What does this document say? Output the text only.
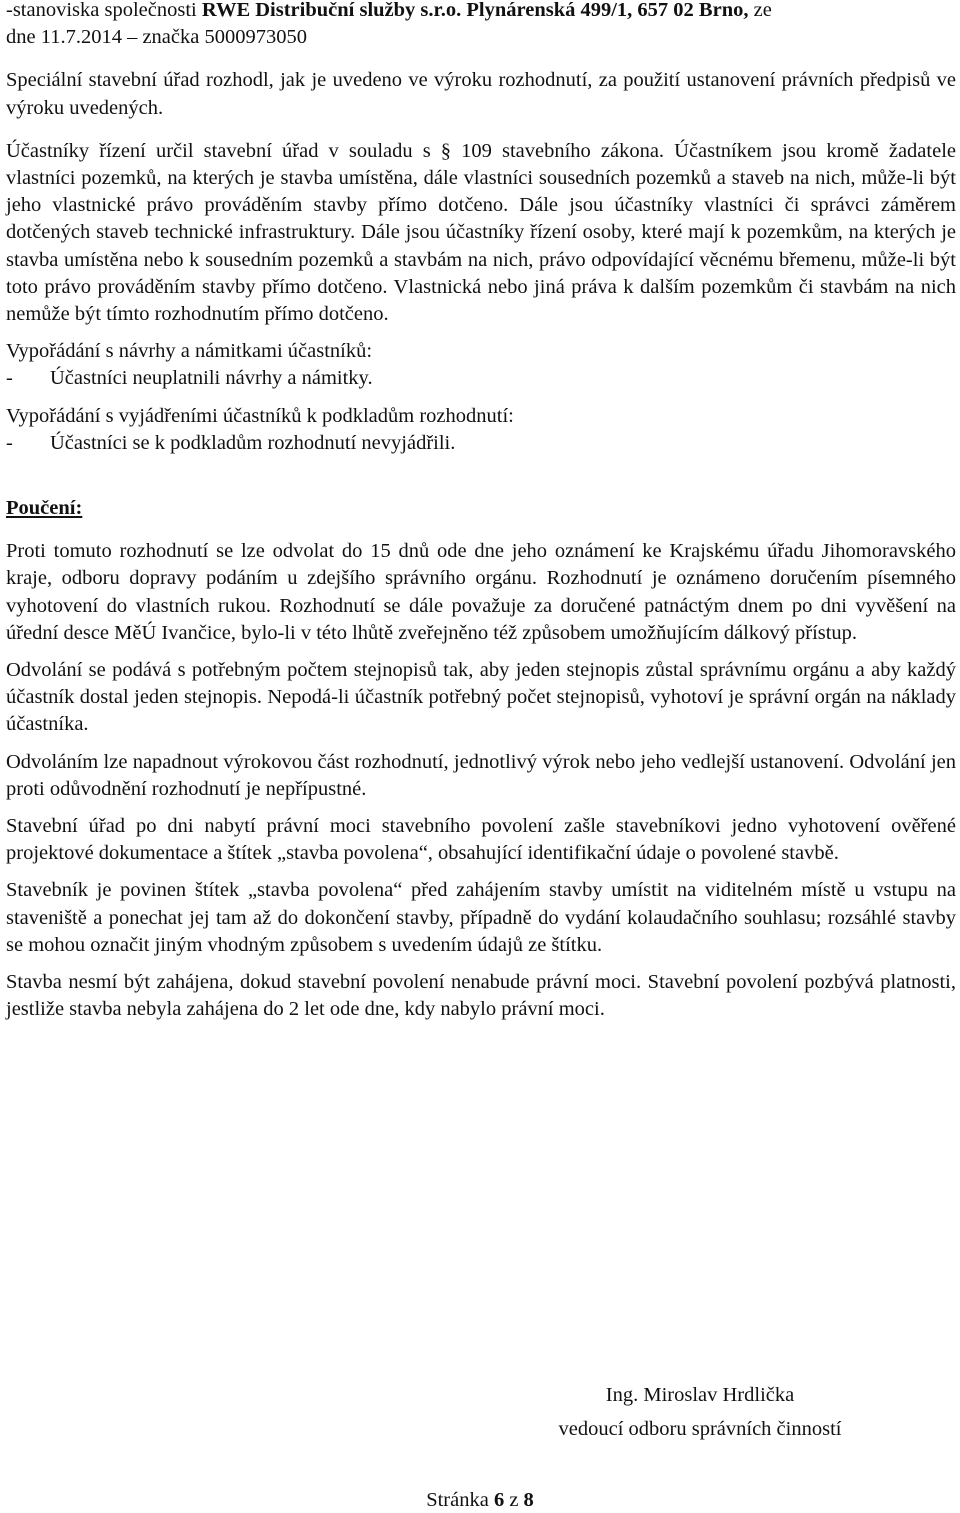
-stanoviska společnosti RWE Distribuční služby s.r.o. Plynárenská 499/1, 657 02 Brno, ze
dne 11.7.2014 – značka 5000973050

Speciální stavební úřad rozhodl, jak je uvedeno ve výroku rozhodnutí, za použití ustanovení právních předpisů ve výroku uvedených.

Účastníky řízení určil stavební úřad v souladu s § 109 stavebního zákona. Účastníkem jsou kromě žadatele vlastníci pozemků, na kterých je stavba umístěna, dále vlastníci sousedních pozemků a staveb na nich, může-li být jeho vlastnické právo prováděním stavby přímo dotčeno. Dále jsou účastníky vlastníci či správci záměrem dotčených staveb technické infrastruktury. Dále jsou účastníky řízení osoby, které mají k pozemkům, na kterých je stavba umístěna nebo k sousedním pozemků a stavbám na nich, právo odpovídající věcnému břemenu, může-li být toto právo prováděním stavby přímo dotčeno. Vlastnická nebo jiná práva k dalším pozemkům či stavbám na nich nemůže být tímto rozhodnutím přímo dotčeno.

Vypořádání s návrhy a námitkami účastníků:

-	Účastníci neuplatnili návrhy a námitky.

Vypořádání s vyjádřeními účastníků k podkladům rozhodnutí:

-	Účastníci se k podkladům rozhodnutí nevyjádřili.

Poučení:

Proti tomuto rozhodnutí se lze odvolat do 15 dnů ode dne jeho oznámení ke Krajskému úřadu Jihomoravského kraje, odboru dopravy podáním u zdejšího správního orgánu. Rozhodnutí je oznámeno doručením písemného vyhotovení do vlastních rukou. Rozhodnutí se dále považuje za doručené patnáctým dnem po dni vyvěšení na úřední desce MěÚ Ivančice, bylo-li v této lhůtě zveřejněno též způsobem umožňujícím dálkový přístup.

Odvolání se podává s potřebným počtem stejnopisů tak, aby jeden stejnopis zůstal správnímu orgánu a aby každý účastník dostal jeden stejnopis. Nepodá-li účastník potřebný počet stejnopisů, vyhotoví je správní orgán na náklady účastníka.

Odvoláním lze napadnout výrokovou část rozhodnutí, jednotlivý výrok nebo jeho vedlejší ustanovení. Odvolání jen proti odůvodnění rozhodnutí je nepřípustné.

Stavební úřad po dni nabytí právní moci stavebního povolení zašle stavebníkovi jedno vyhotovení ověřené projektové dokumentace a štítek „stavba povolena“, obsahující identifikační údaje o povolené stavbě.

Stavebník je povinen štítek „stavba povolena“ před zahájením stavby umístit na viditelném místě u vstupu na staveniště a ponechat jej tam až do dokončení stavby, případně do vydání kolaudačního souhlasu; rozsáhlé stavby se mohou označit jiným vhodným způsobem s uvedením údajů ze štítku.

Stavba nesmí být zahájena, dokud stavební povolení nenabude právní moci. Stavební povolení pozbývá platnosti, jestliže stavba nebyla zahájena do 2 let ode dne, kdy nabylo právní moci.

Ing. Miroslav Hrdlička
vedoucí odboru správních činností
Stránka 6 z 8
